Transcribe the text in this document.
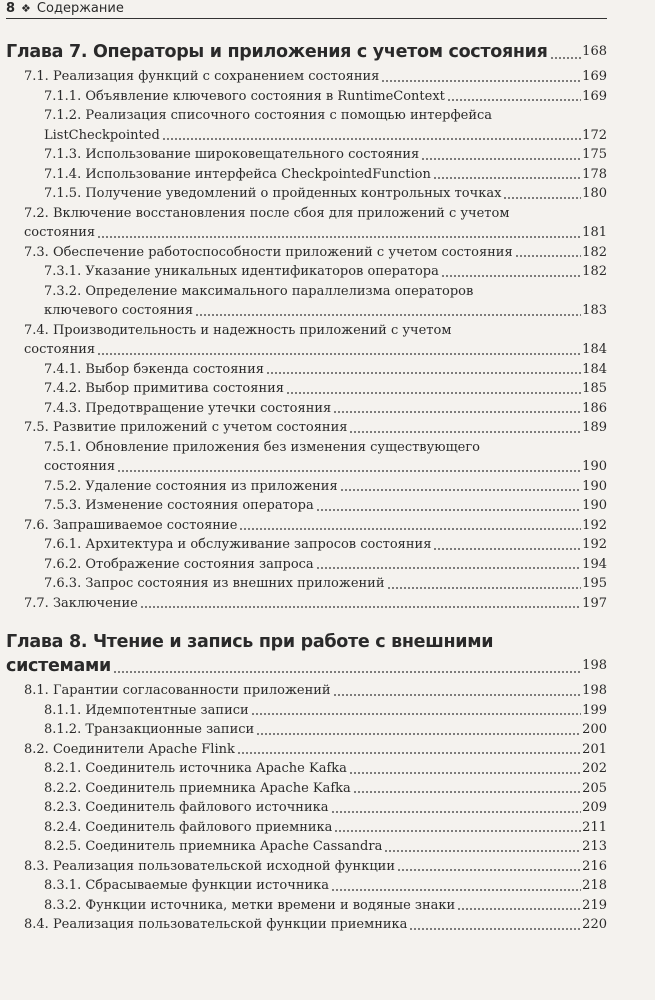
8 ❖ Содержание
Глава 7. Операторы и приложения с учетом состояния	168
7.1. Реализация функций с сохранением состояния	169
7.1.1. Объявление ключевого состояния в RuntimeContext	169
7.1.2. Реализация списочного состояния с помощью интерфейса
ListCheckpointed	172
7.1.3. Использование широковещательного состояния	175
7.1.4. Использование интерфейса CheckpointedFunction	178
7.1.5. Получение уведомлений о пройденных контрольных точках	180
7.2. Включение восстановления после сбоя для приложений с учетом
состояния	181
7.3. Обеспечение работоспособности приложений с учетом состояния	182
7.3.1. Указание уникальных идентификаторов оператора	182
7.3.2. Определение максимального параллелизма операторов
ключевого состояния	183
7.4. Производительность и надежность приложений с учетом
состояния	184
7.4.1. Выбор бэкенда состояния	184
7.4.2. Выбор примитива состояния	185
7.4.3. Предотвращение утечки состояния	186
7.5. Развитие приложений с учетом состояния	189
7.5.1. Обновление приложения без изменения существующего
состояния	190
7.5.2. Удаление состояния из приложения	190
7.5.3. Изменение состояния оператора	190
7.6. Запрашиваемое состояние	192
7.6.1. Архитектура и обслуживание запросов состояния	192
7.6.2. Отображение состояния запроса	194
7.6.3. Запрос состояния из внешних приложений	195
7.7. Заключение	197
Глава 8. Чтение и запись при работе с внешними
системами	198
8.1. Гарантии согласованности приложений	198
8.1.1. Идемпотентные записи	199
8.1.2. Транзакционные записи	200
8.2. Соединители Apache Flink	201
8.2.1. Соединитель источника Apache Kafka	202
8.2.2. Соединитель приемника Apache Kafka	205
8.2.3. Соединитель файлового источника	209
8.2.4. Соединитель файлового приемника	211
8.2.5. Соединитель приемника Apache Cassandra	213
8.3. Реализация пользовательской исходной функции	216
8.3.1. Сбрасываемые функции источника	218
8.3.2. Функции источника, метки времени и водяные знаки	219
8.4. Реализация пользовательской функции приемника	220
